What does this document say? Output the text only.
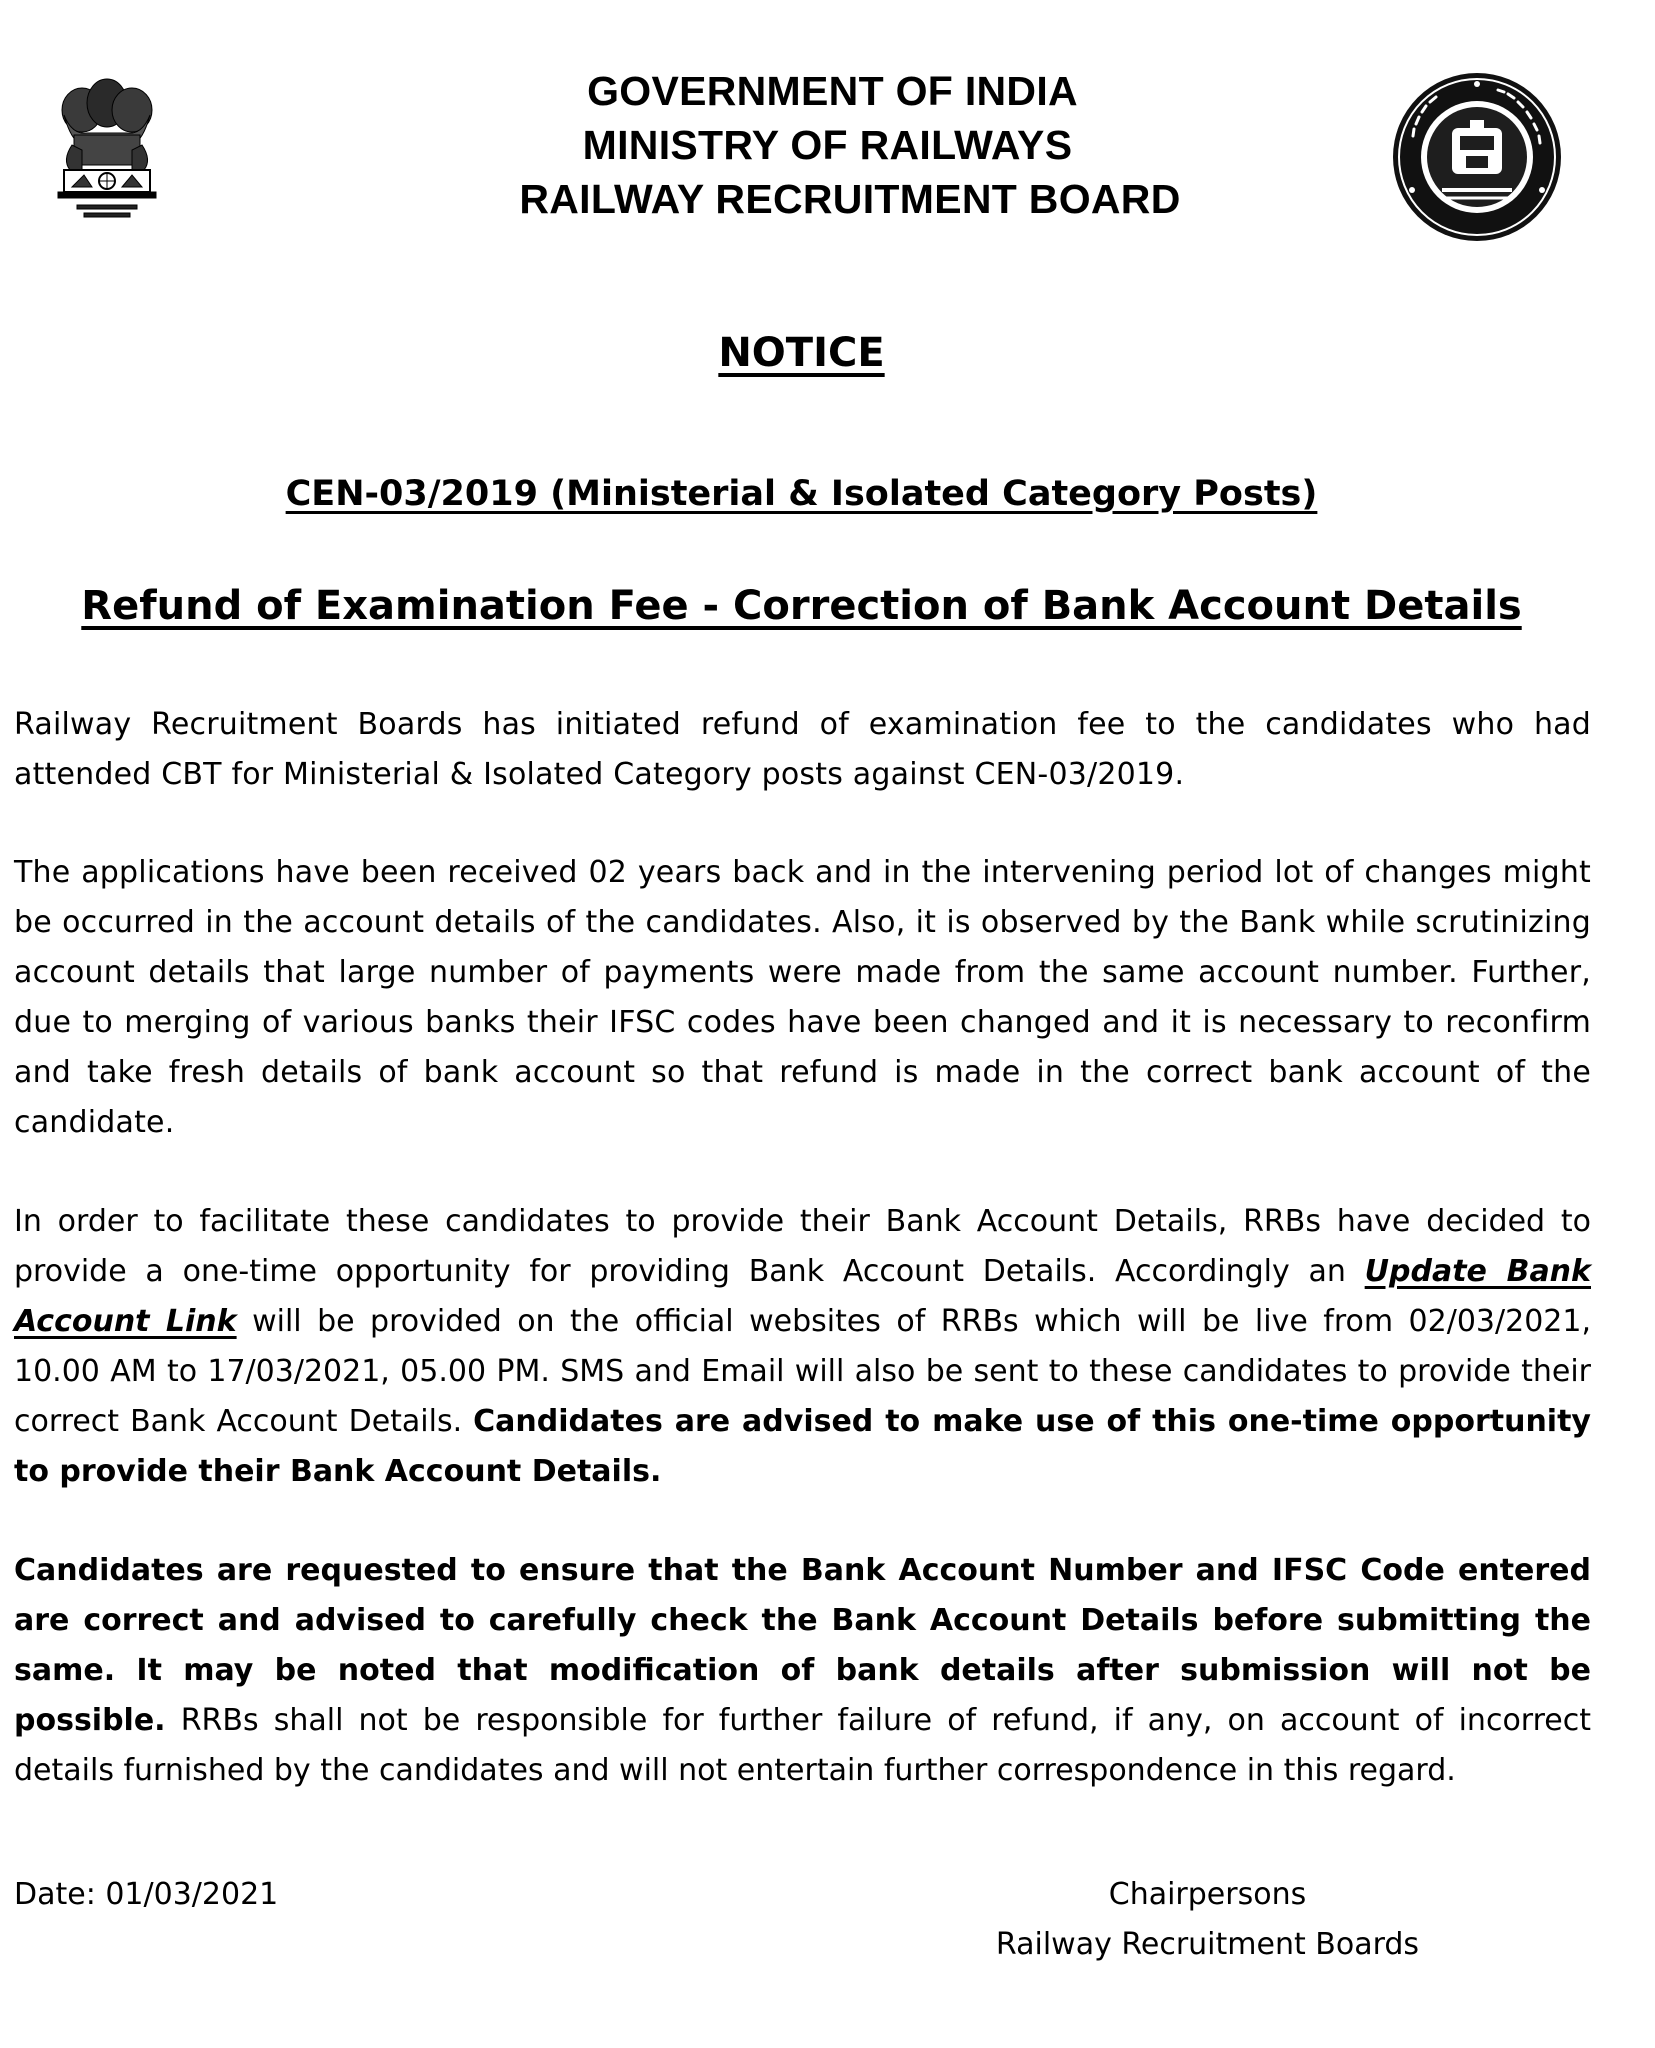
GOVERNMENT OF INDIA
MINISTRY OF RAILWAYS
RAILWAY RECRUITMENT BOARD
NOTICE
CEN-03/2019 (Ministerial & Isolated Category Posts)
Refund of Examination Fee - Correction of Bank Account Details
Railway Recruitment Boards has initiated refund of examination fee to the candidates who had attended CBT for Ministerial & Isolated Category posts against CEN-03/2019.
The applications have been received 02 years back and in the intervening period lot of changes might be occurred in the account details of the candidates. Also, it is observed by the Bank while scrutinizing account details that large number of payments were made from the same account number. Further, due to merging of various banks their IFSC codes have been changed and it is necessary to reconfirm and take fresh details of bank account so that refund is made in the correct bank account of the candidate.
In order to facilitate these candidates to provide their Bank Account Details, RRBs have decided to provide a one-time opportunity for providing Bank Account Details. Accordingly an Update Bank Account Link will be provided on the official websites of RRBs which will be live from 02/03/2021, 10.00 AM to 17/03/2021, 05.00 PM. SMS and Email will also be sent to these candidates to provide their correct Bank Account Details. Candidates are advised to make use of this one-time opportunity to provide their Bank Account Details.
Candidates are requested to ensure that the Bank Account Number and IFSC Code entered are correct and advised to carefully check the Bank Account Details before submitting the same. It may be noted that modification of bank details after submission will not be possible. RRBs shall not be responsible for further failure of refund, if any, on account of incorrect details furnished by the candidates and will not entertain further correspondence in this regard.
Date: 01/03/2021	Chairpersons
Railway Recruitment Boards
